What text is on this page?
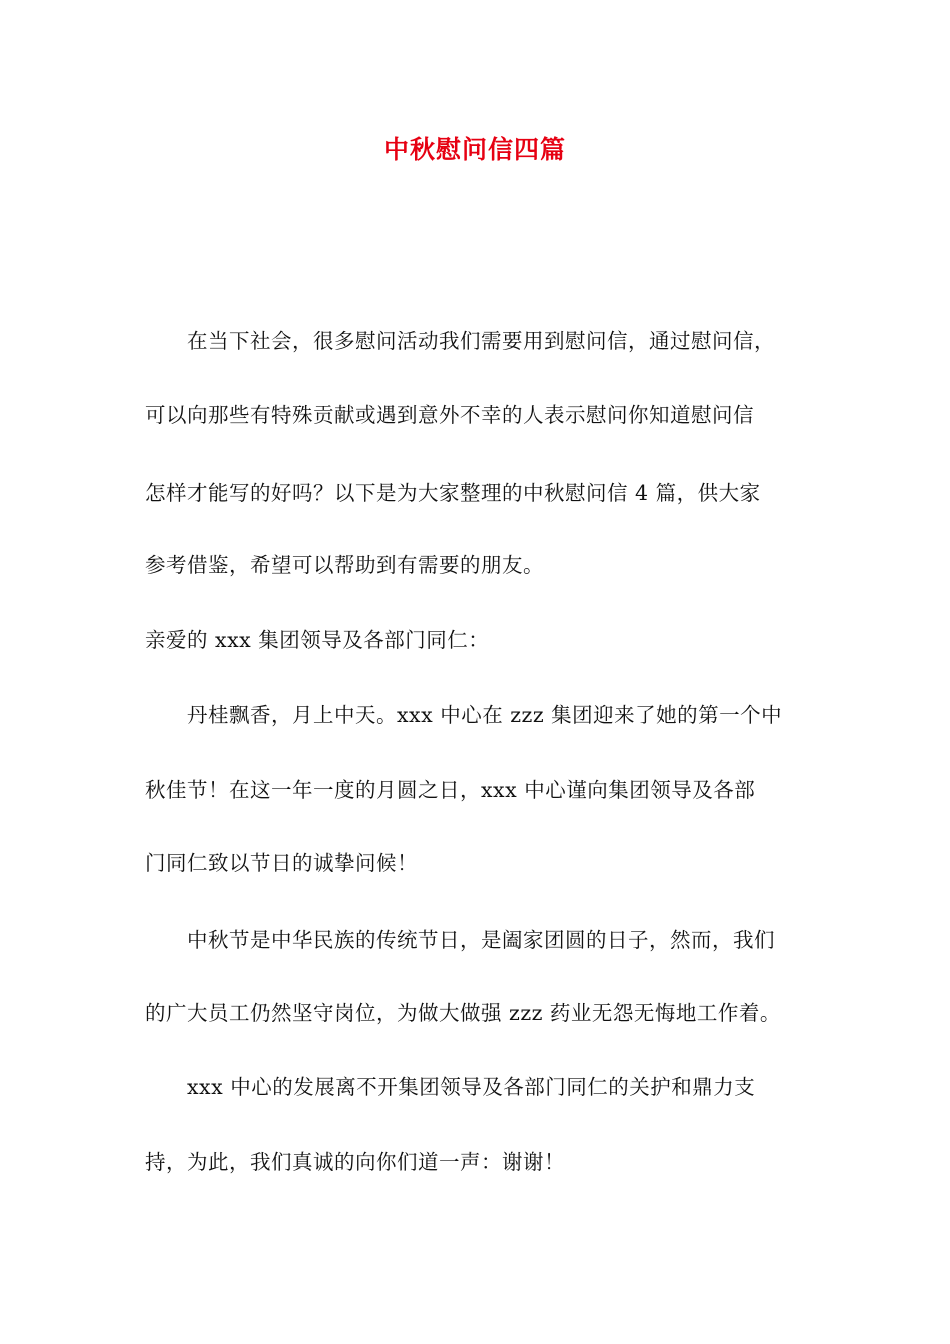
中秋慰问信四篇
　　在当下社会，很多慰问活动我们需要用到慰问信，通过慰问信，
可以向那些有特殊贡献或遇到意外不幸的人表示慰问你知道慰问信
怎样才能写的好吗？以下是为大家整理的中秋慰问信 4 篇，供大家
参考借鉴，希望可以帮助到有需要的朋友。
亲爱的 xxx 集团领导及各部门同仁：
　　丹桂飘香，月上中天。xxx 中心在 zzz 集团迎来了她的第一个中
秋佳节！在这一年一度的月圆之日，xxx 中心谨向集团领导及各部
门同仁致以节日的诚挚问候！
　　中秋节是中华民族的传统节日，是阖家团圆的日子，然而，我们
的广大员工仍然坚守岗位，为做大做强 zzz 药业无怨无悔地工作着。
　　xxx 中心的发展离不开集团领导及各部门同仁的关护和鼎力支
持，为此，我们真诚的向你们道一声：谢谢！
